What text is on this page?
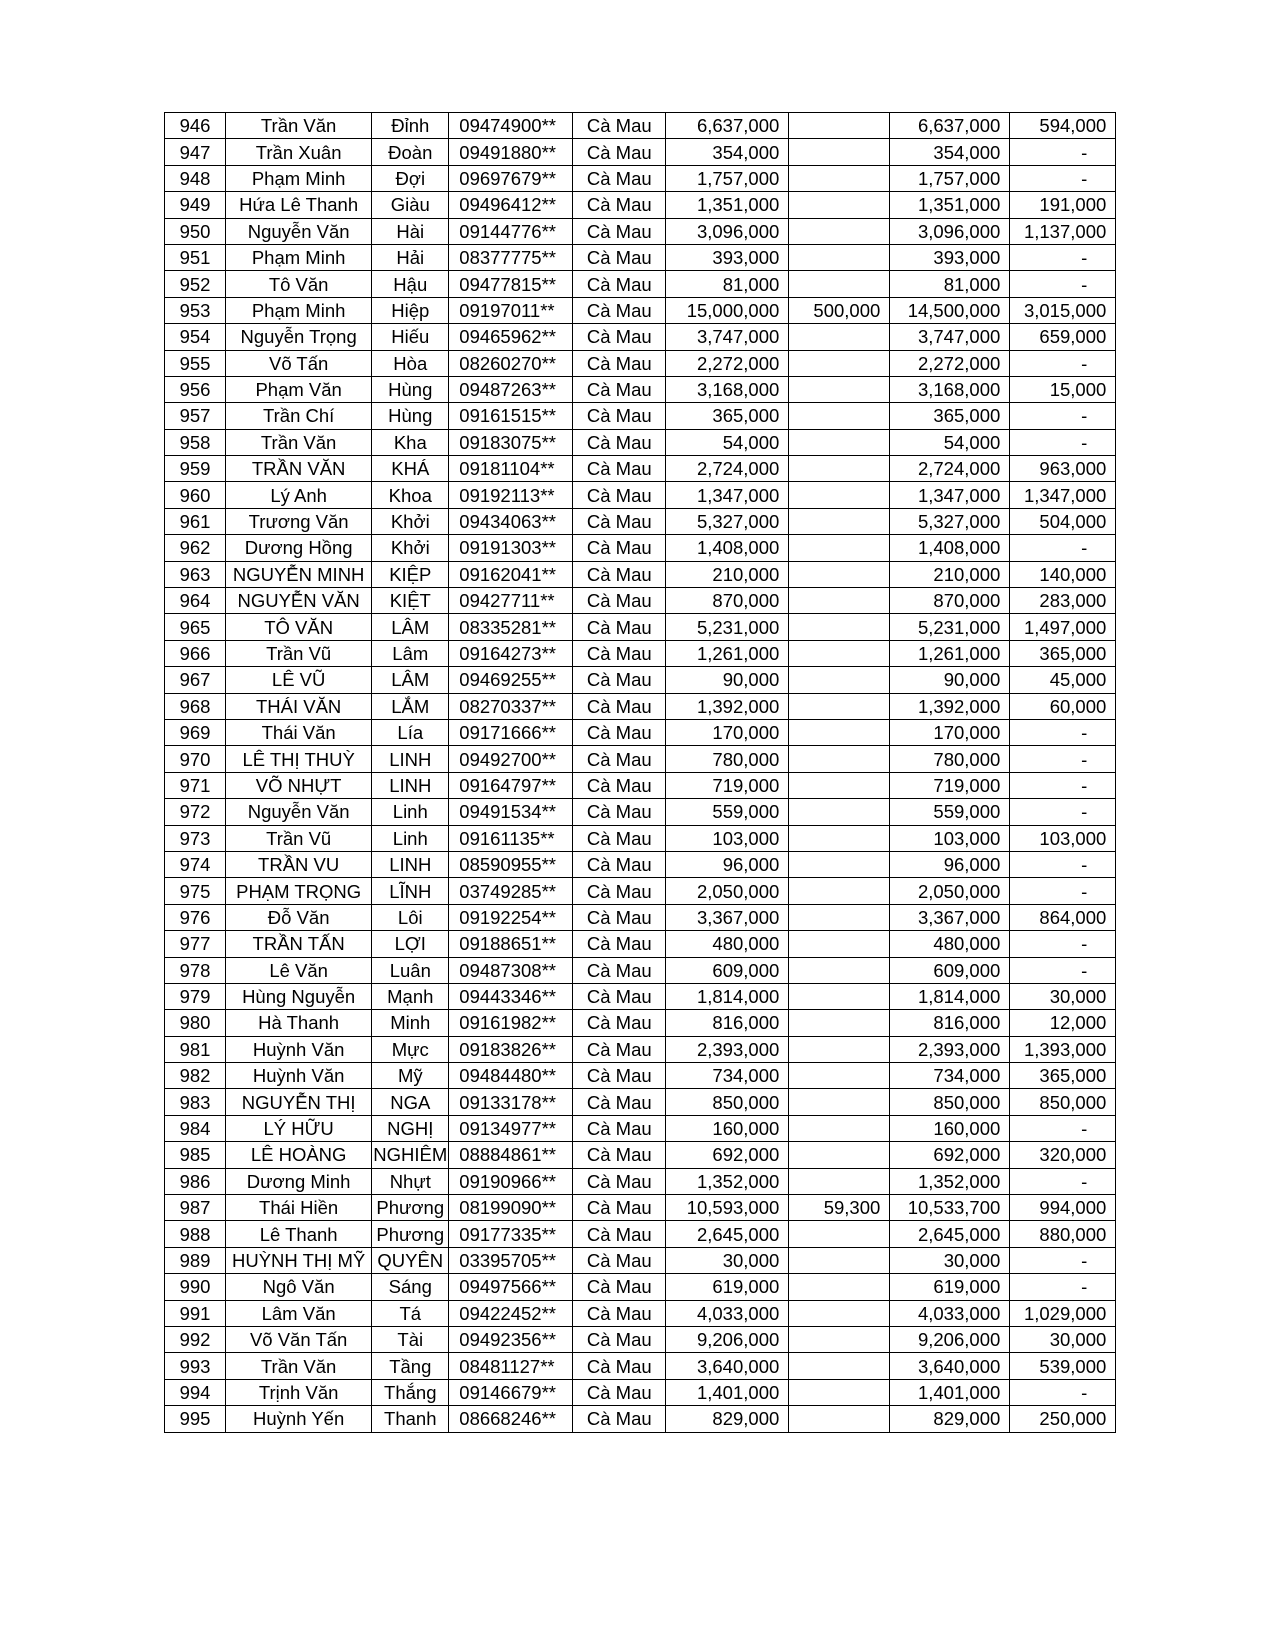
946	Trần Văn	Đỉnh	09474900**	Cà Mau	6,637,000		6,637,000	594,000
947	Trần Xuân	Đoàn	09491880**	Cà Mau	354,000		354,000	-
948	Phạm Minh	Đợi	09697679**	Cà Mau	1,757,000		1,757,000	-
949	Hứa Lê Thanh	Giàu	09496412**	Cà Mau	1,351,000		1,351,000	191,000
950	Nguyễn Văn	Hài	09144776**	Cà Mau	3,096,000		3,096,000	1,137,000
951	Phạm Minh	Hải	08377775**	Cà Mau	393,000		393,000	-
952	Tô Văn	Hậu	09477815**	Cà Mau	81,000		81,000	-
953	Phạm Minh	Hiệp	09197011**	Cà Mau	15,000,000	500,000	14,500,000	3,015,000
954	Nguyễn Trọng	Hiếu	09465962**	Cà Mau	3,747,000		3,747,000	659,000
955	Võ Tấn	Hòa	08260270**	Cà Mau	2,272,000		2,272,000	-
956	Phạm Văn	Hùng	09487263**	Cà Mau	3,168,000		3,168,000	15,000
957	Trần Chí	Hùng	09161515**	Cà Mau	365,000		365,000	-
958	Trần Văn	Kha	09183075**	Cà Mau	54,000		54,000	-
959	TRẦN VĂN	KHÁ	09181104**	Cà Mau	2,724,000		2,724,000	963,000
960	Lý Anh	Khoa	09192113**	Cà Mau	1,347,000		1,347,000	1,347,000
961	Trương Văn	Khởi	09434063**	Cà Mau	5,327,000		5,327,000	504,000
962	Dương Hồng	Khởi	09191303**	Cà Mau	1,408,000		1,408,000	-
963	NGUYỄN MINH	KIỆP	09162041**	Cà Mau	210,000		210,000	140,000
964	NGUYỄN VĂN	KIỆT	09427711**	Cà Mau	870,000		870,000	283,000
965	TÔ VĂN	LÂM	08335281**	Cà Mau	5,231,000		5,231,000	1,497,000
966	Trần Vũ	Lâm	09164273**	Cà Mau	1,261,000		1,261,000	365,000
967	LÊ VŨ	LÂM	09469255**	Cà Mau	90,000		90,000	45,000
968	THÁI VĂN	LẮM	08270337**	Cà Mau	1,392,000		1,392,000	60,000
969	Thái Văn	Lía	09171666**	Cà Mau	170,000		170,000	-
970	LÊ THỊ THUỲ	LINH	09492700**	Cà Mau	780,000		780,000	-
971	VÕ NHỰT	LINH	09164797**	Cà Mau	719,000		719,000	-
972	Nguyễn Văn	Linh	09491534**	Cà Mau	559,000		559,000	-
973	Trần Vũ	Linh	09161135**	Cà Mau	103,000		103,000	103,000
974	TRẦN VU	LINH	08590955**	Cà Mau	96,000		96,000	-
975	PHẠM TRỌNG	LĨNH	03749285**	Cà Mau	2,050,000		2,050,000	-
976	Đỗ Văn	Lôi	09192254**	Cà Mau	3,367,000		3,367,000	864,000
977	TRẦN TẤN	LỢI	09188651**	Cà Mau	480,000		480,000	-
978	Lê Văn	Luân	09487308**	Cà Mau	609,000		609,000	-
979	Hùng Nguyễn	Mạnh	09443346**	Cà Mau	1,814,000		1,814,000	30,000
980	Hà Thanh	Minh	09161982**	Cà Mau	816,000		816,000	12,000
981	Huỳnh Văn	Mực	09183826**	Cà Mau	2,393,000		2,393,000	1,393,000
982	Huỳnh Văn	Mỹ	09484480**	Cà Mau	734,000		734,000	365,000
983	NGUYỄN THỊ	NGA	09133178**	Cà Mau	850,000		850,000	850,000
984	LÝ HỮU	NGHỊ	09134977**	Cà Mau	160,000		160,000	-
985	LÊ HOÀNG	NGHIÊM	08884861**	Cà Mau	692,000		692,000	320,000
986	Dương Minh	Nhựt	09190966**	Cà Mau	1,352,000		1,352,000	-
987	Thái Hiền	Phương	08199090**	Cà Mau	10,593,000	59,300	10,533,700	994,000
988	Lê Thanh	Phương	09177335**	Cà Mau	2,645,000		2,645,000	880,000
989	HUỲNH THỊ MỸ	QUYÊN	03395705**	Cà Mau	30,000		30,000	-
990	Ngô Văn	Sáng	09497566**	Cà Mau	619,000		619,000	-
991	Lâm Văn	Tá	09422452**	Cà Mau	4,033,000		4,033,000	1,029,000
992	Võ Văn Tấn	Tài	09492356**	Cà Mau	9,206,000		9,206,000	30,000
993	Trần Văn	Tầng	08481127**	Cà Mau	3,640,000		3,640,000	539,000
994	Trịnh Văn	Thắng	09146679**	Cà Mau	1,401,000		1,401,000	-
995	Huỳnh Yến	Thanh	08668246**	Cà Mau	829,000		829,000	250,000
